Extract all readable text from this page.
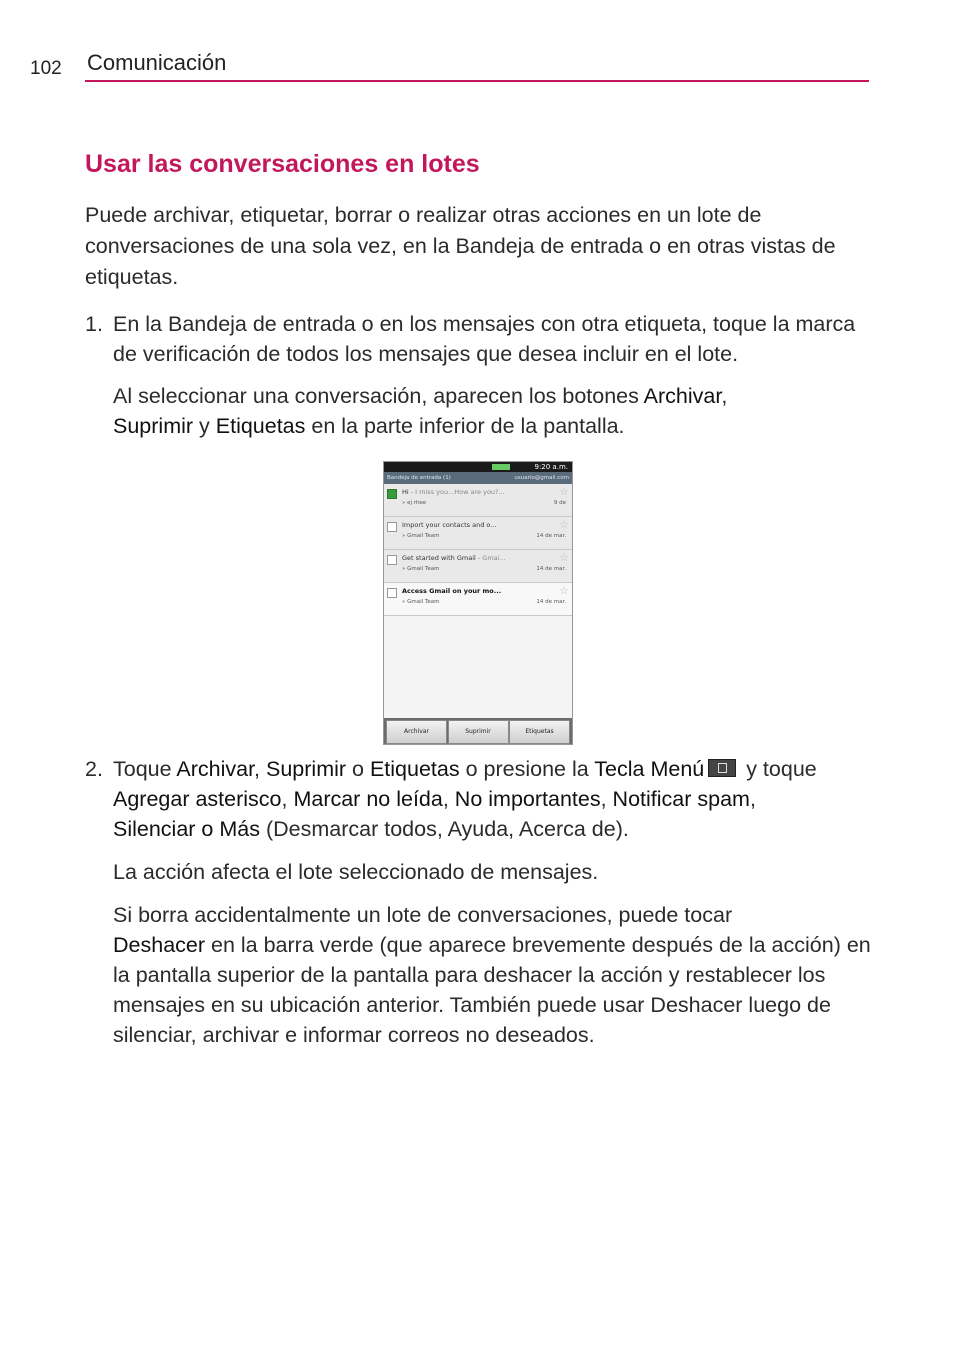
102 Comunicación
Usar las conversaciones en lotes

Puede archivar, etiquetar, borrar o realizar otras acciones en un lote de conversaciones de una sola vez, en la Bandeja de entrada o en otras vistas de etiquetas.

1. En la Bandeja de entrada o en los mensajes con otra etiqueta, toque la marca de verificación de todos los mensajes que desea incluir en el lote.

Al seleccionar una conversación, aparecen los botones Archivar,
Suprimir y Etiquetas en la parte inferior de la pantalla.

9:20 a.m.
Bandeja de entrada (1)	usuario@gmail.com
Hi - I miss you...How are you?...
» ej rhee	9 de
☆
Import your contacts and o...
» Gmail Team	14 de mar.
☆
Get started with Gmail - Gmai...
» Gmail Team	14 de mar.
☆
Access Gmail on your mo...
» Gmail Team	14 de mar.
☆
Archivar	Suprimir	Etiquetas
2. Toque Archivar, Suprimir o Etiquetas o presione la Tecla Menú y toque
Agregar asterisco, Marcar no leída, No importantes, Notificar spam,
Silenciar o Más (Desmarcar todos, Ayuda, Acerca de).

La acción afecta el lote seleccionado de mensajes.

Si borra accidentalmente un lote de conversaciones, puede tocar
Deshacer en la barra verde (que aparece brevemente después de la acción) en la pantalla superior de la pantalla para deshacer la acción y restablecer los mensajes en su ubicación anterior. También puede usar Deshacer luego de silenciar, archivar e informar correos no deseados.
